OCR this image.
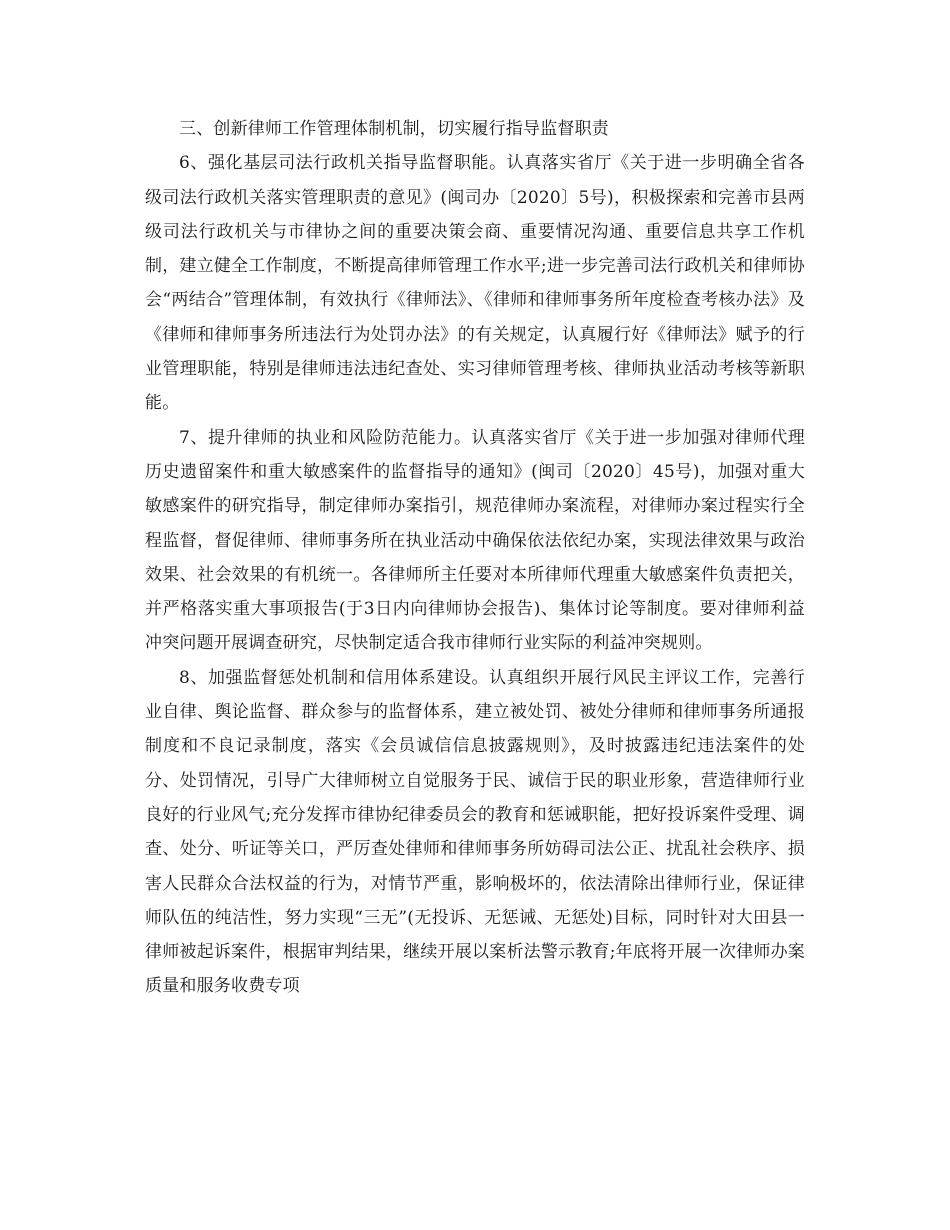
三、创新律师工作管理体制机制，切实履行指导监督职责

6、强化基层司法行政机关指导监督职能。认真落实省厅《关于进一步明确全省各级司法行政机关落实管理职责的意见》(闽司办〔2020〕5号)，积极探索和完善市县两级司法行政机关与市律协之间的重要决策会商、重要情况沟通、重要信息共享工作机制，建立健全工作制度，不断提高律师管理工作水平;进一步完善司法行政机关和律师协会“两结合”管理体制，有效执行《律师法》、《律师和律师事务所年度检查考核办法》及《律师和律师事务所违法行为处罚办法》的有关规定，认真履行好《律师法》赋予的行业管理职能，特别是律师违法违纪查处、实习律师管理考核、律师执业活动考核等新职能。

7、提升律师的执业和风险防范能力。认真落实省厅《关于进一步加强对律师代理历史遗留案件和重大敏感案件的监督指导的通知》(闽司〔2020〕45号)，加强对重大敏感案件的研究指导，制定律师办案指引，规范律师办案流程，对律师办案过程实行全程监督，督促律师、律师事务所在执业活动中确保依法依纪办案，实现法律效果与政治效果、社会效果的有机统一。各律师所主任要对本所律师代理重大敏感案件负责把关，并严格落实重大事项报告(于3日内向律师协会报告)、集体讨论等制度。要对律师利益冲突问题开展调查研究，尽快制定适合我市律师行业实际的利益冲突规则。

8、加强监督惩处机制和信用体系建设。认真组织开展行风民主评议工作，完善行业自律、舆论监督、群众参与的监督体系，建立被处罚、被处分律师和律师事务所通报制度和不良记录制度，落实《会员诚信信息披露规则》，及时披露违纪违法案件的处分、处罚情况，引导广大律师树立自觉服务于民、诚信于民的职业形象，营造律师行业良好的行业风气;充分发挥市律协纪律委员会的教育和惩诫职能，把好投诉案件受理、调查、处分、听证等关口，严厉查处律师和律师事务所妨碍司法公正、扰乱社会秩序、损害人民群众合法权益的行为，对情节严重，影响极坏的，依法清除出律师行业，保证律师队伍的纯洁性，努力实现“三无”(无投诉、无惩诫、无惩处)目标，同时针对大田县一律师被起诉案件，根据审判结果，继续开展以案析法警示教育;年底将开展一次律师办案质量和服务收费专项
